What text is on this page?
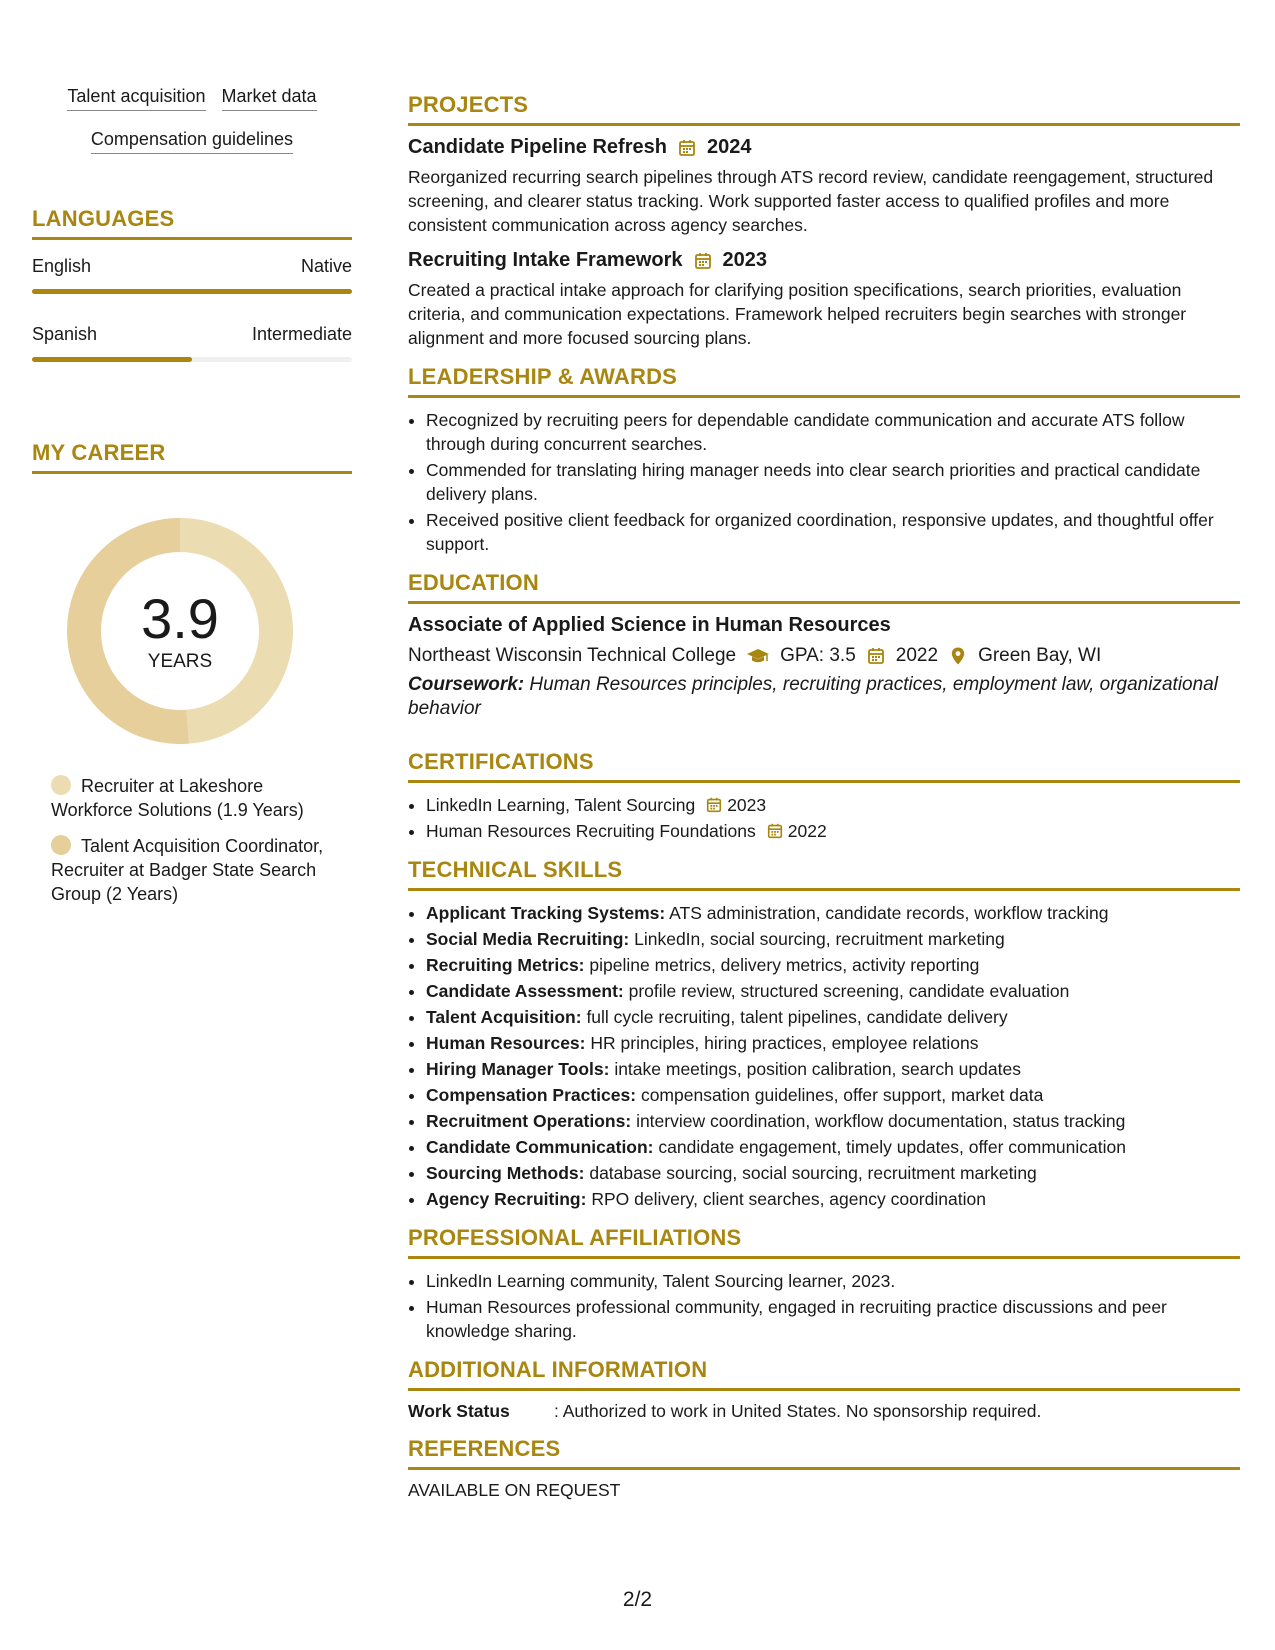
Talent acquisition Market data
Compensation guidelines
LANGUAGES
English	Native
Spanish	Intermediate
MY CAREER
3.9
YEARS
Recruiter at Lakeshore Workforce Solutions (1.9 Years)
Talent Acquisition Coordinator, Recruiter at Badger State Search Group (2 Years)
PROJECTS
Candidate Pipeline Refresh 2024
Reorganized recurring search pipelines through ATS record review, candidate reengagement, structured screening, and clearer status tracking. Work supported faster access to qualified profiles and more consistent communication across agency searches.
Recruiting Intake Framework 2023
Created a practical intake approach for clarifying position specifications, search priorities, evaluation criteria, and communication expectations. Framework helped recruiters begin searches with stronger alignment and more focused sourcing plans.
LEADERSHIP & AWARDS
• Recognized by recruiting peers for dependable candidate communication and accurate ATS follow through during concurrent searches.
• Commended for translating hiring manager needs into clear search priorities and practical candidate delivery plans.
• Received positive client feedback for organized coordination, responsive updates, and thoughtful offer support.
EDUCATION
Associate of Applied Science in Human Resources
Northeast Wisconsin Technical College GPA: 3.5 2022 Green Bay, WI
Coursework: Human Resources principles, recruiting practices, employment law, organizational behavior
CERTIFICATIONS
• LinkedIn Learning, Talent Sourcing 2023
• Human Resources Recruiting Foundations 2022
TECHNICAL SKILLS
• Applicant Tracking Systems: ATS administration, candidate records, workflow tracking
• Social Media Recruiting: LinkedIn, social sourcing, recruitment marketing
• Recruiting Metrics: pipeline metrics, delivery metrics, activity reporting
• Candidate Assessment: profile review, structured screening, candidate evaluation
• Talent Acquisition: full cycle recruiting, talent pipelines, candidate delivery
• Human Resources: HR principles, hiring practices, employee relations
• Hiring Manager Tools: intake meetings, position calibration, search updates
• Compensation Practices: compensation guidelines, offer support, market data
• Recruitment Operations: interview coordination, workflow documentation, status tracking
• Candidate Communication: candidate engagement, timely updates, offer communication
• Sourcing Methods: database sourcing, social sourcing, recruitment marketing
• Agency Recruiting: RPO delivery, client searches, agency coordination
PROFESSIONAL AFFILIATIONS
• LinkedIn Learning community, Talent Sourcing learner, 2023.
• Human Resources professional community, engaged in recruiting practice discussions and peer knowledge sharing.
ADDITIONAL INFORMATION
Work Status	: Authorized to work in United States. No sponsorship required.
REFERENCES
AVAILABLE ON REQUEST
2/2
